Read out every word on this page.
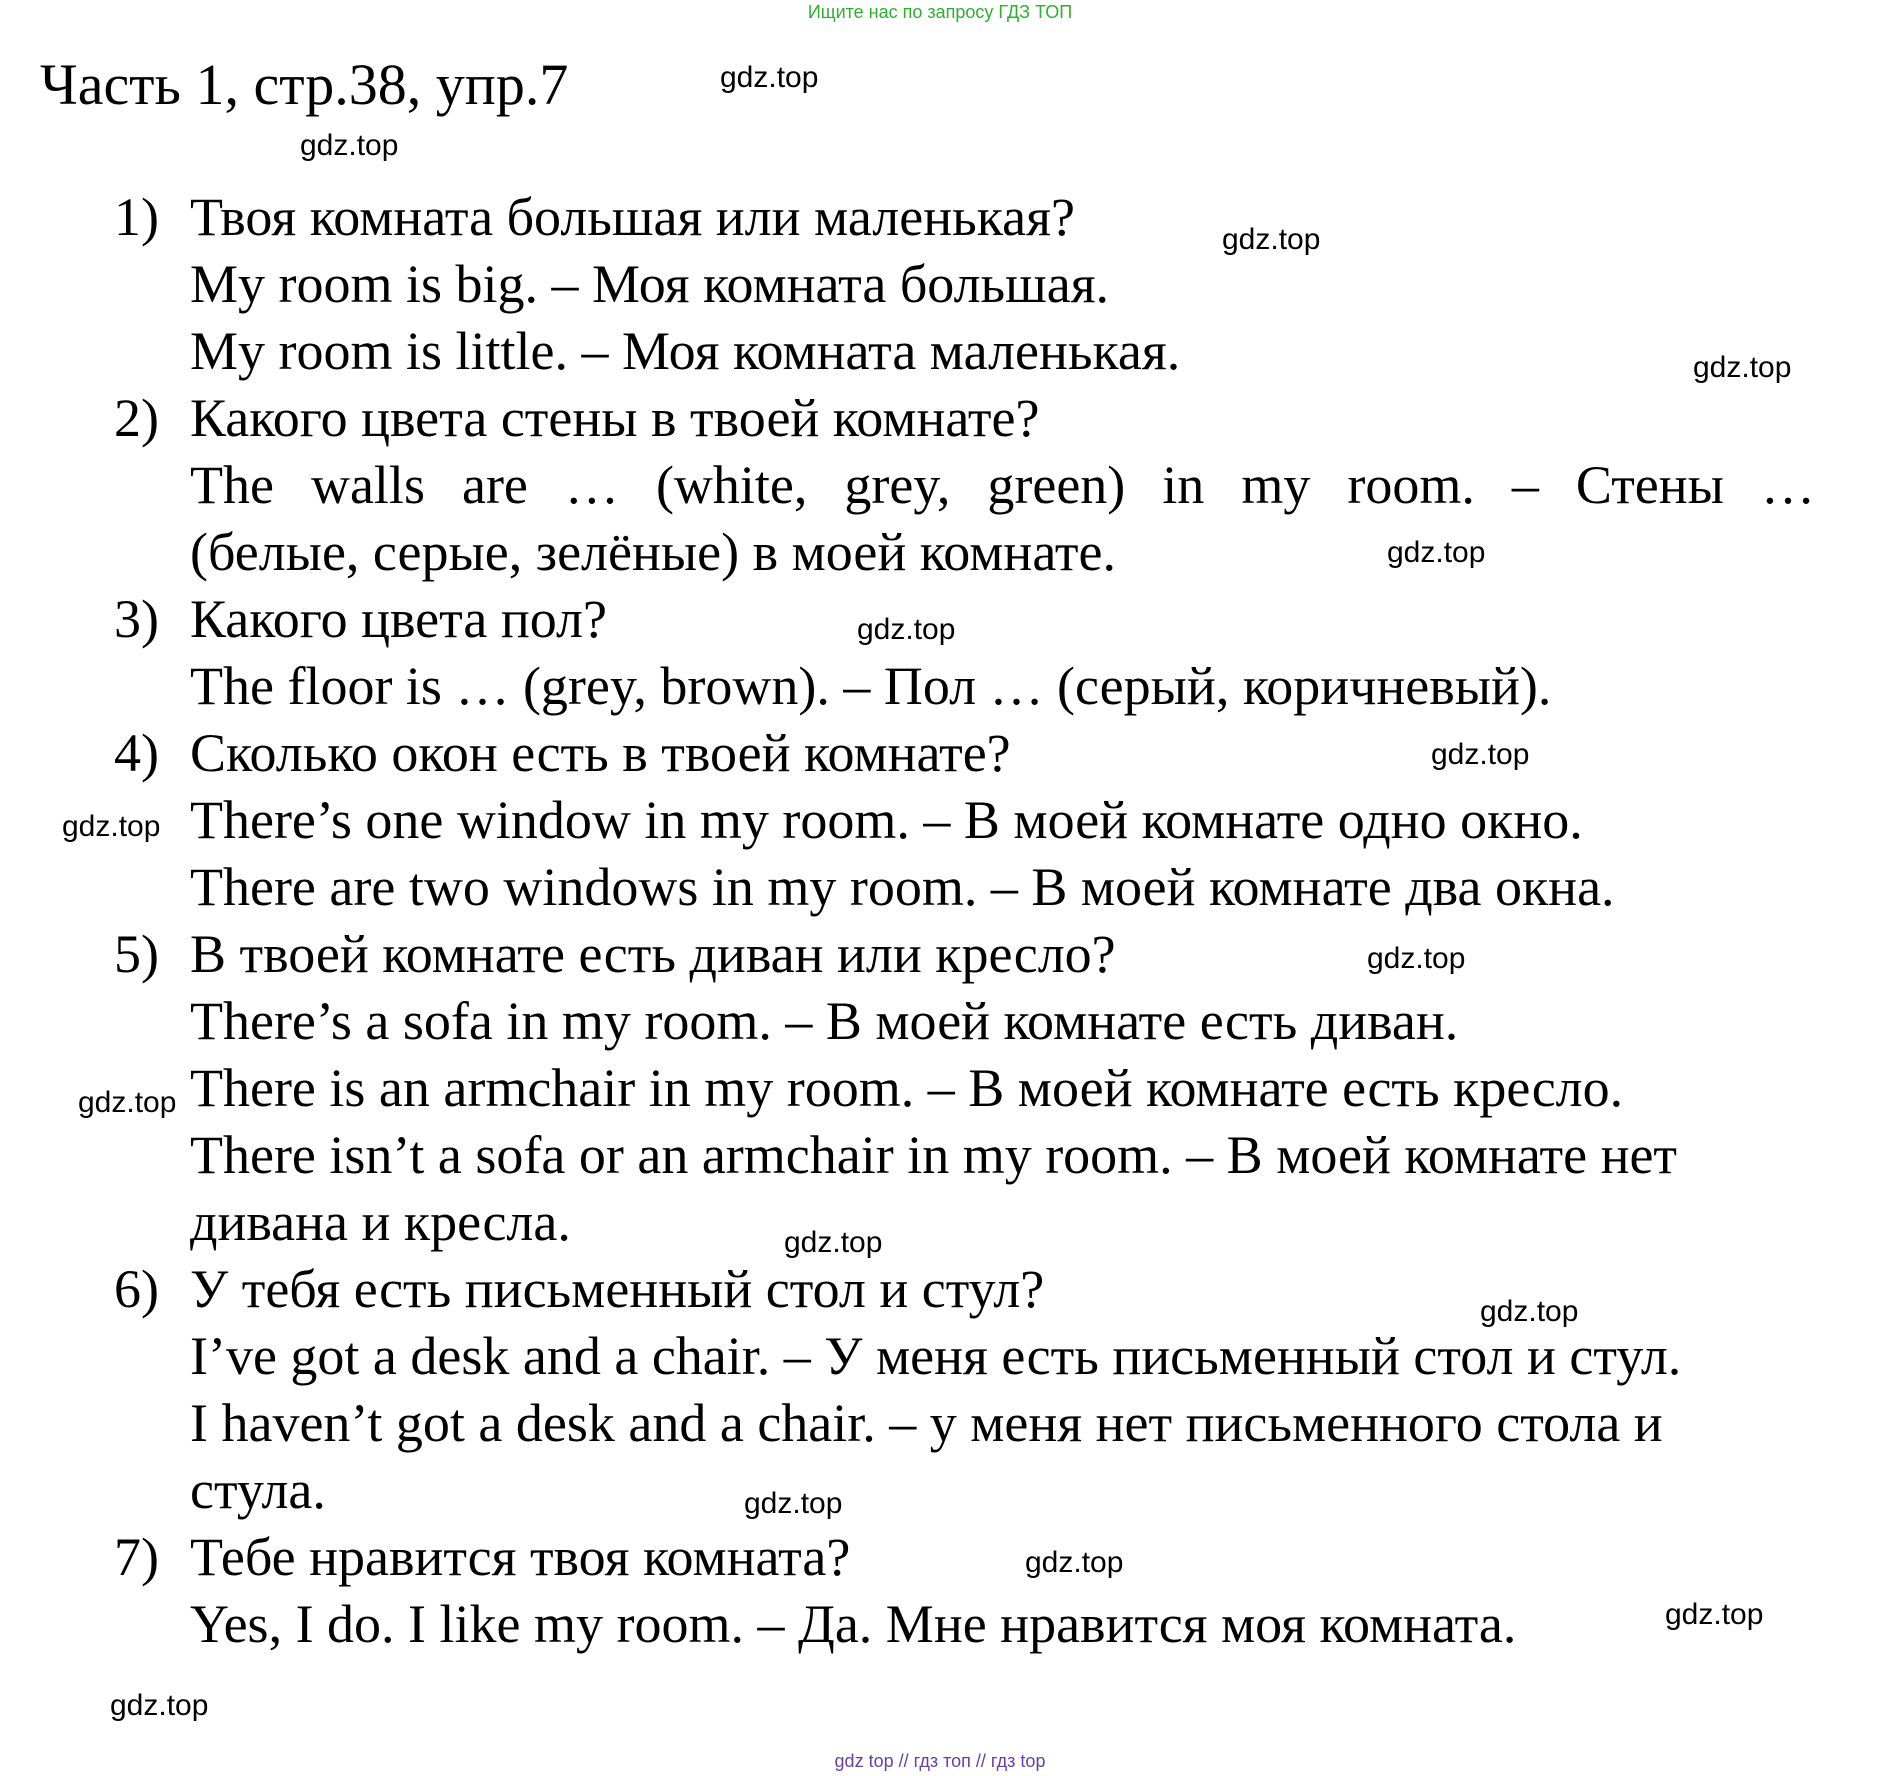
Ищите нас по запросу ГДЗ ТОП
Часть 1, стр.38, упр.7
1) Твоя комната большая или маленькая?
My room is big. – Моя комната большая.
My room is little. – Моя комната маленькая.
2) Какого цвета стены в твоей комнате?
The walls are … (white, grey, green) in my room. – Стены …
(белые, серые, зелёные) в моей комнате.
3) Какого цвета пол?
The floor is … (grey, brown). – Пол … (серый, коричневый).
4) Сколько окон есть в твоей комнате?
There’s one window in my room. – В моей комнате одно окно.
There are two windows in my room. – В моей комнате два окна.
5) В твоей комнате есть диван или кресло?
There’s a sofa in my room. – В моей комнате есть диван.
There is an armchair in my room. – В моей комнате есть кресло.
There isn’t a sofa or an armchair in my room. – В моей комнате нет
дивана и кресла.
6) У тебя есть письменный стол и стул?
I’ve got a desk and a chair. – У меня есть письменный стол и стул.
I haven’t got a desk and a chair. – у меня нет письменного стола и
стула.
7) Тебе нравится твоя комната?
Yes, I do. I like my room. – Да. Мне нравится моя комната.
gdz.top
gdz.top
gdz.top
gdz.top
gdz.top
gdz.top
gdz.top
gdz.top
gdz.top
gdz.top
gdz.top
gdz.top
gdz.top
gdz.top
gdz.top
gdz.top
gdz top // гдз топ // гдз top
